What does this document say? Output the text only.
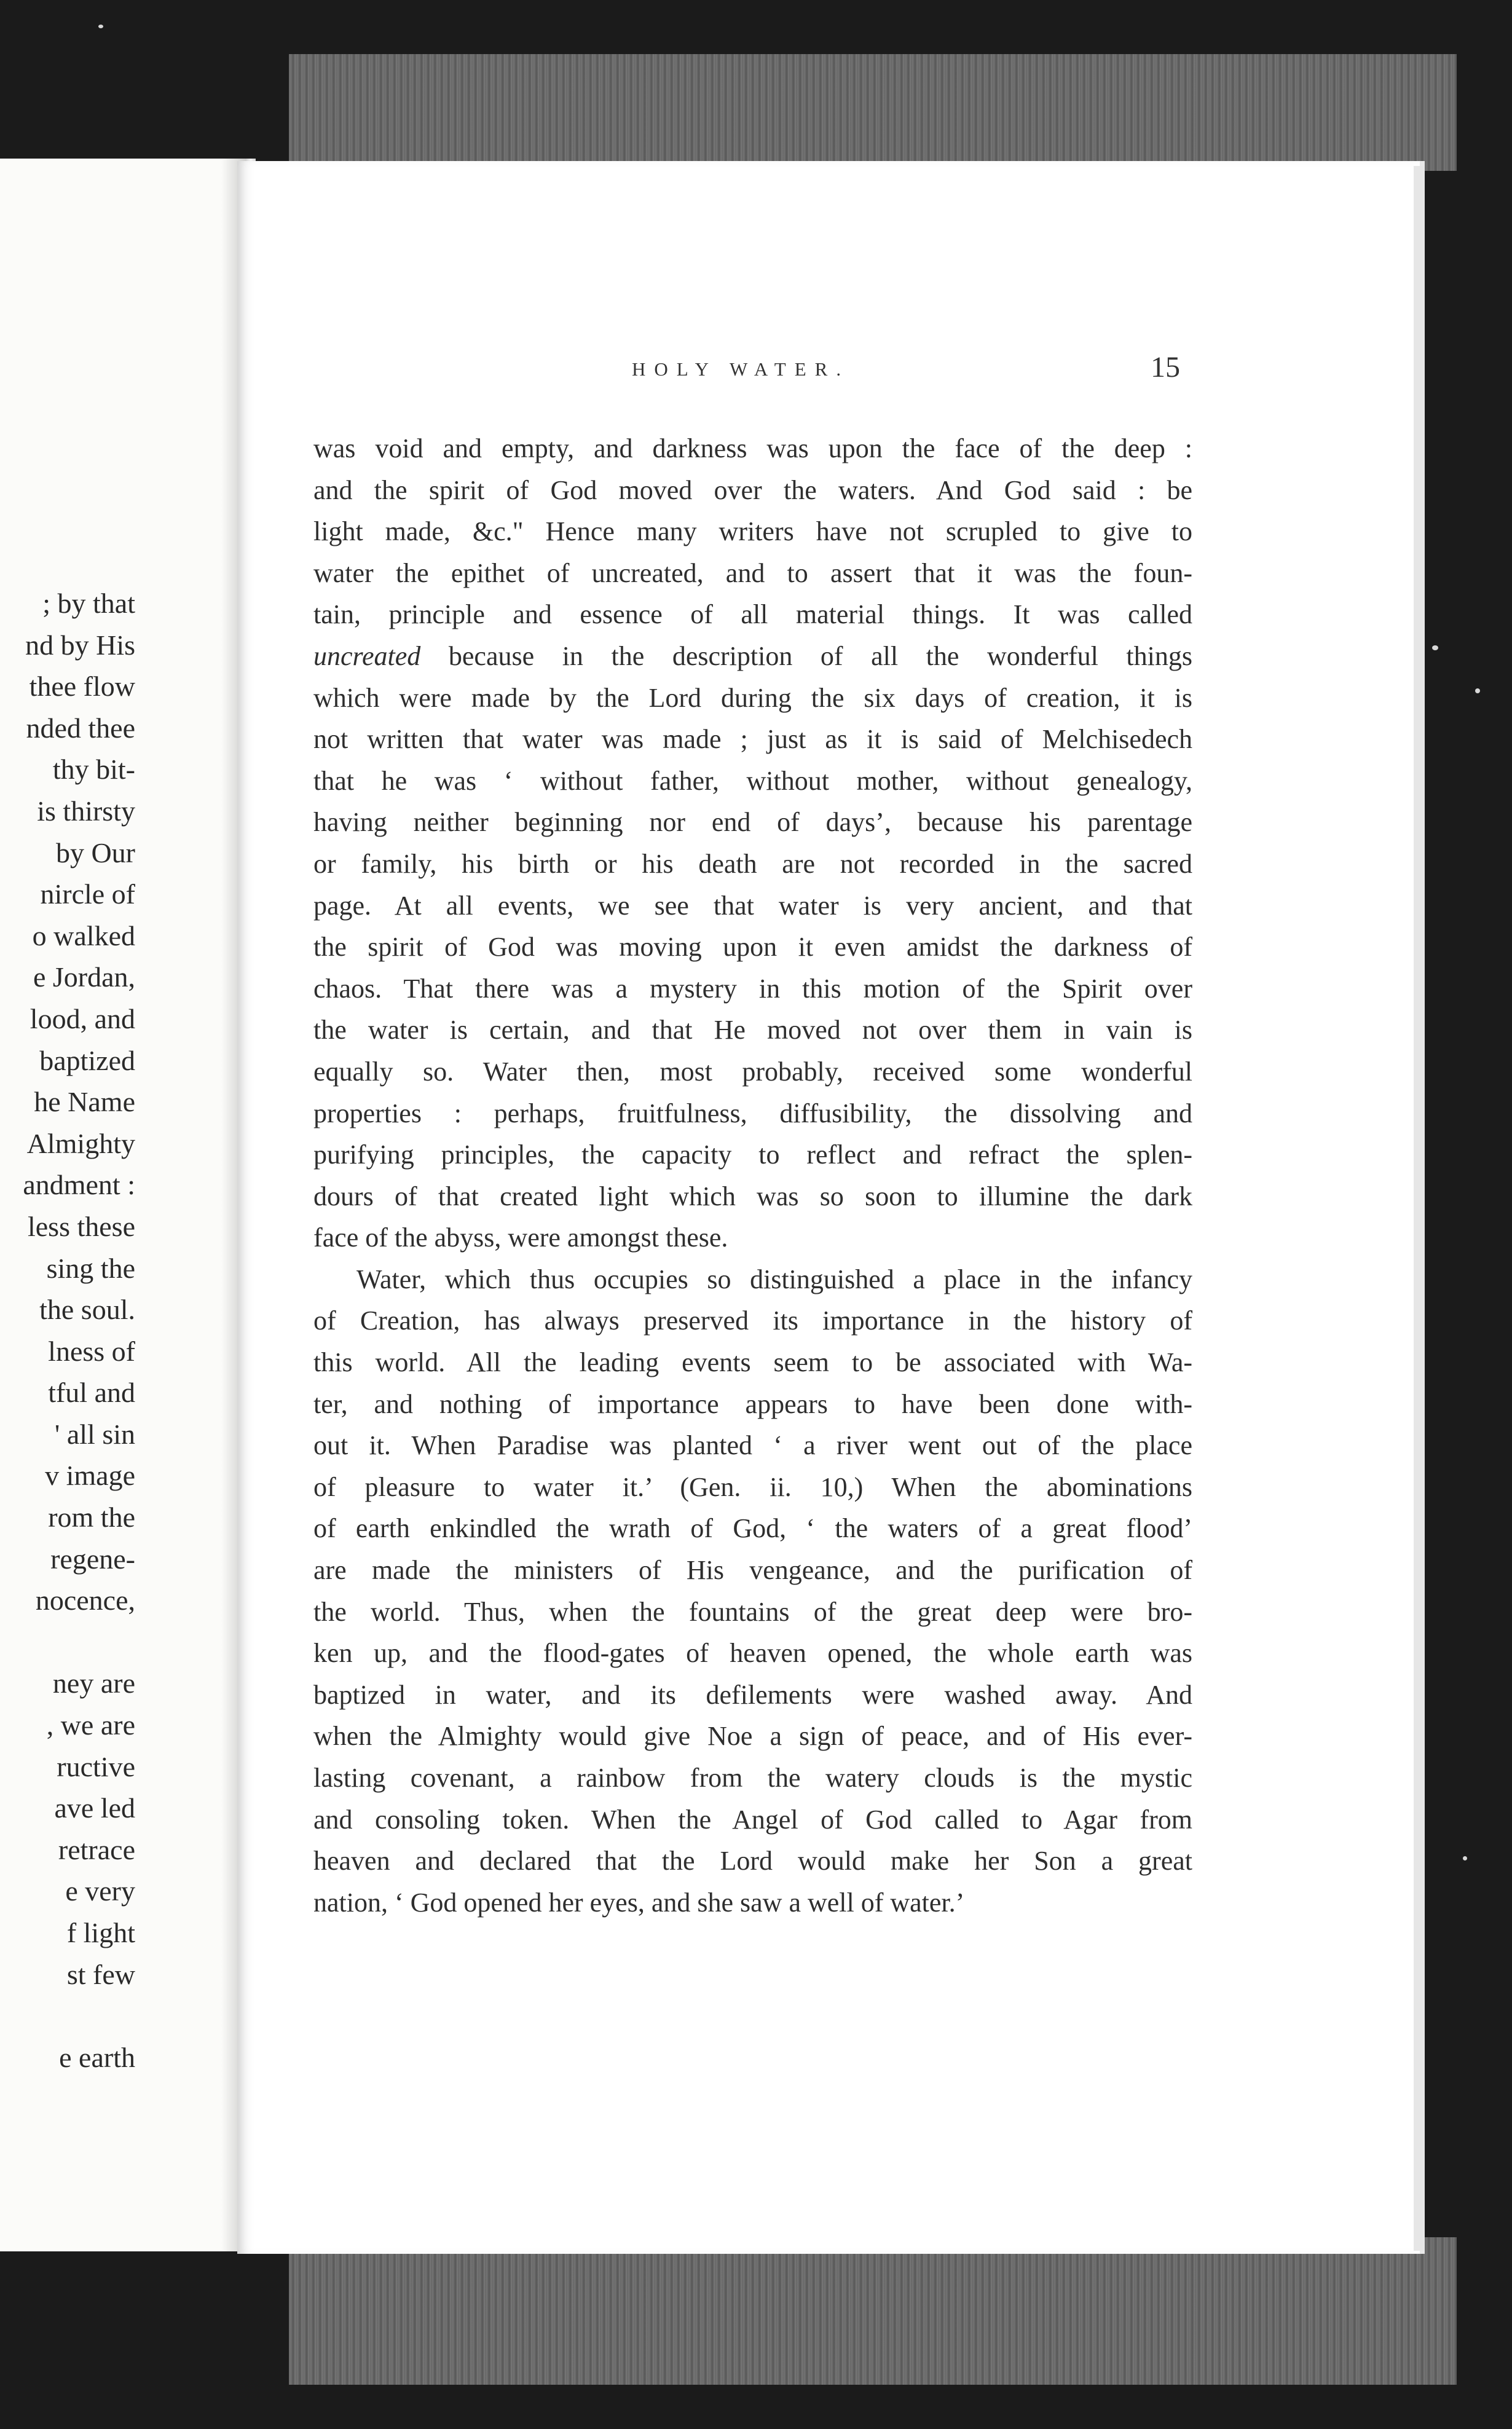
; by that
nd by His
thee flow
nded thee
thy bit-
is thirsty
by Our
nircle of
o walked
e Jordan,
lood, and
baptized
he Name
Almighty
andment :
less these
sing the
the soul.
lness of
tful and
' all sin
v image
rom the
regene-
nocence,
ney are
, we are
ructive
ave led
retrace
e very
f light
st few
e earth
HOLY WATER.	15
was void and empty, and darkness was upon the face of the deep :
and the spirit of God moved over the waters. And God said : be
light made, &c." Hence many writers have not scrupled to give to
water the epithet of uncreated, and to assert that it was the foun-
tain, principle and essence of all material things. It was called
uncreated because in the description of all the wonderful things
which were made by the Lord during the six days of creation, it is
not written that water was made ; just as it is said of Melchisedech
that he was ‘ without father, without mother, without genealogy,
having neither beginning nor end of days’, because his parentage
or family, his birth or his death are not recorded in the sacred
page. At all events, we see that water is very ancient, and that
the spirit of God was moving upon it even amidst the darkness of
chaos. That there was a mystery in this motion of the Spirit over
the water is certain, and that He moved not over them in vain is
equally so. Water then, most probably, received some wonderful
properties : perhaps, fruitfulness, diffusibility, the dissolving and
purifying principles, the capacity to reflect and refract the splen-
dours of that created light which was so soon to illumine the dark
face of the abyss, were amongst these.
Water, which thus occupies so distinguished a place in the infancy
of Creation, has always preserved its importance in the history of
this world. All the leading events seem to be associated with Wa-
ter, and nothing of importance appears to have been done with-
out it. When Paradise was planted ‘ a river went out of the place
of pleasure to water it.’ (Gen. ii. 10,) When the abominations
of earth enkindled the wrath of God, ‘ the waters of a great flood’
are made the ministers of His vengeance, and the purification of
the world. Thus, when the fountains of the great deep were bro-
ken up, and the flood-gates of heaven opened, the whole earth was
baptized in water, and its defilements were washed away. And
when the Almighty would give Noe a sign of peace, and of His ever-
lasting covenant, a rainbow from the watery clouds is the mystic
and consoling token. When the Angel of God called to Agar from
heaven and declared that the Lord would make her Son a great
nation, ‘ God opened her eyes, and she saw a well of water.’
